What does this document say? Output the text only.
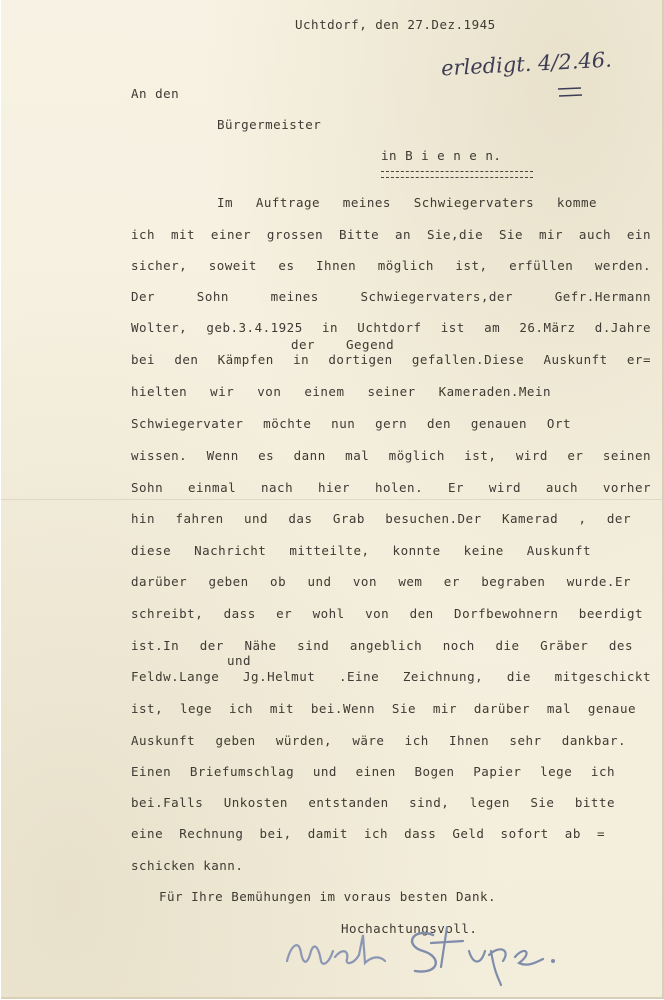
Uchtdorf, den 27.Dez.1945

erledigt. 4/2.46.

An den

Bürgermeister

in B i e n e n.

Im Auftrage meines Schwiegervaters komme

ich mit einer grossen Bitte an Sie,die Sie mir auch ein

sicher, soweit es Ihnen möglich ist, erfüllen werden.

Der Sohn meines Schwiegervaters,der Gefr.Hermann

Wolter, geb.3.4.1925 in Uchtdorf ist am 26.März d.Jahre

der Gegend

bei den Kämpfen in dortigen gefallen.Diese Auskunft er=

hielten wir von einem seiner Kameraden.Mein

Schwiegervater möchte nun gern den genauen Ort

wissen. Wenn es dann mal möglich ist, wird er seinen

Sohn einmal nach hier holen. Er wird auch vorher

hin fahren und das Grab besuchen.Der Kamerad , der

diese Nachricht mitteilte, konnte keine Auskunft

darüber geben ob und von wem er begraben wurde.Er

schreibt, dass er wohl von den Dorfbewohnern beerdigt

ist.In der Nähe sind angeblich noch die Gräber des

und

Feldw.Lange Jg.Helmut .Eine Zeichnung, die mitgeschickt

ist, lege ich mit bei.Wenn Sie mir darüber mal genaue

Auskunft geben würden, wäre ich Ihnen sehr dankbar.

Einen Briefumschlag und einen Bogen Papier lege ich

bei.Falls Unkosten entstanden sind, legen Sie bitte

eine Rechnung bei, damit ich dass Geld sofort ab =

schicken kann.

Für Ihre Bemühungen im voraus besten Dank.

Hochachtungsvoll.
